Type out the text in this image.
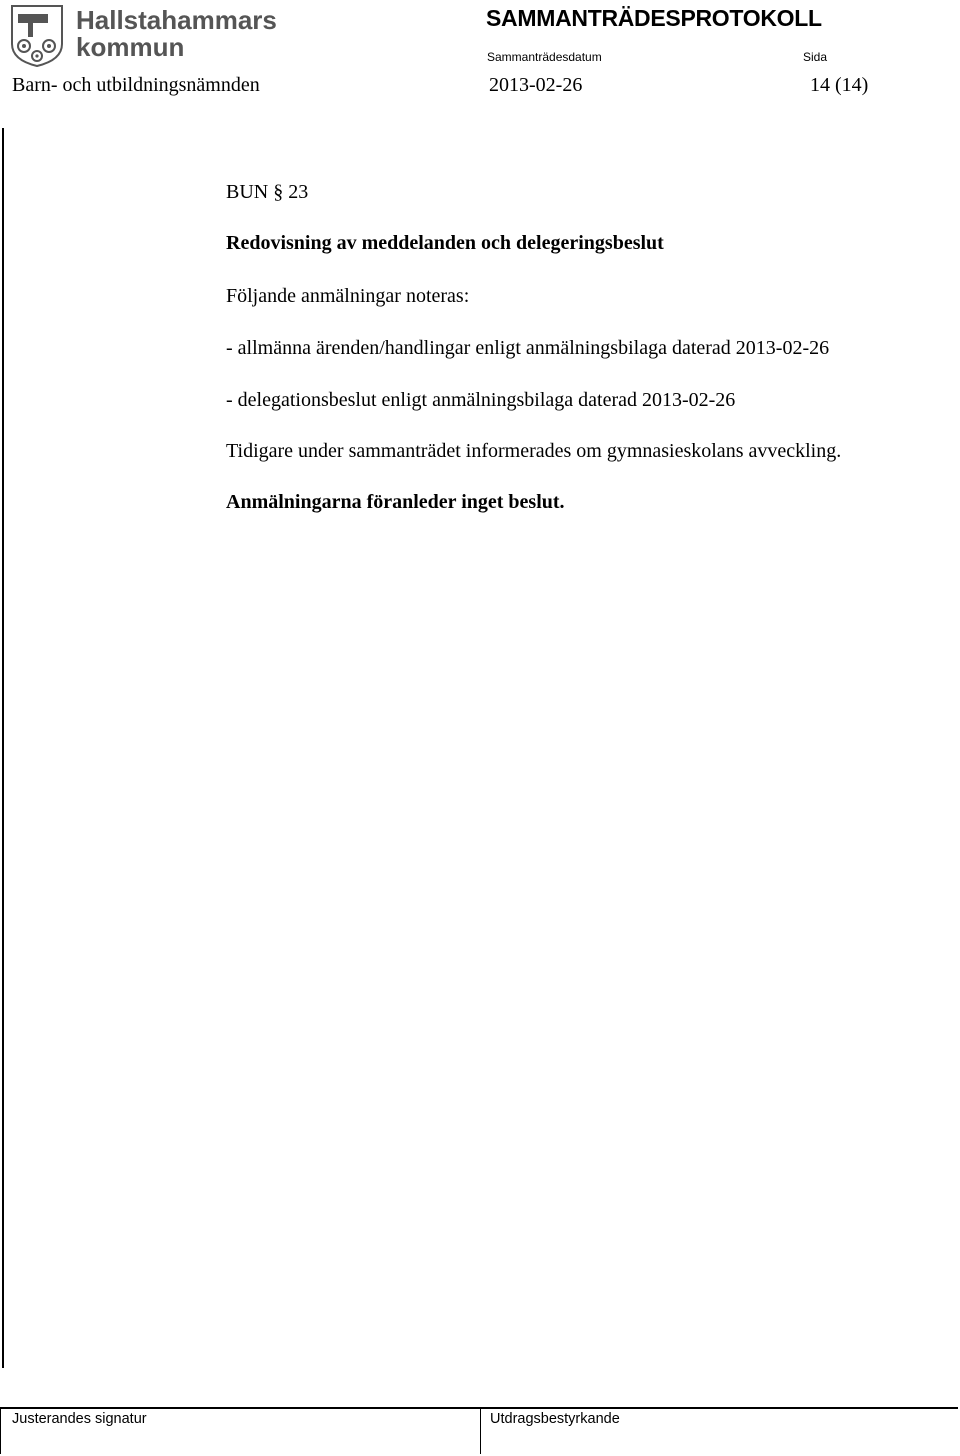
Hallstahammars
kommun
SAMMANTRÄDESPROTOKOLL
Sammanträdesdatum	Sida
Barn- och utbildningsnämnden	2013-02-26	14 (14)
BUN § 23
Redovisning av meddelanden och delegeringsbeslut
Följande anmälningar noteras:
- allmänna ärenden/handlingar enligt anmälningsbilaga daterad 2013-02-26
- delegationsbeslut enligt anmälningsbilaga daterad 2013-02-26
Tidigare under sammanträdet informerades om gymnasieskolans avveckling.
Anmälningarna föranleder inget beslut.
Justerandes signatur	Utdragsbestyrkande
